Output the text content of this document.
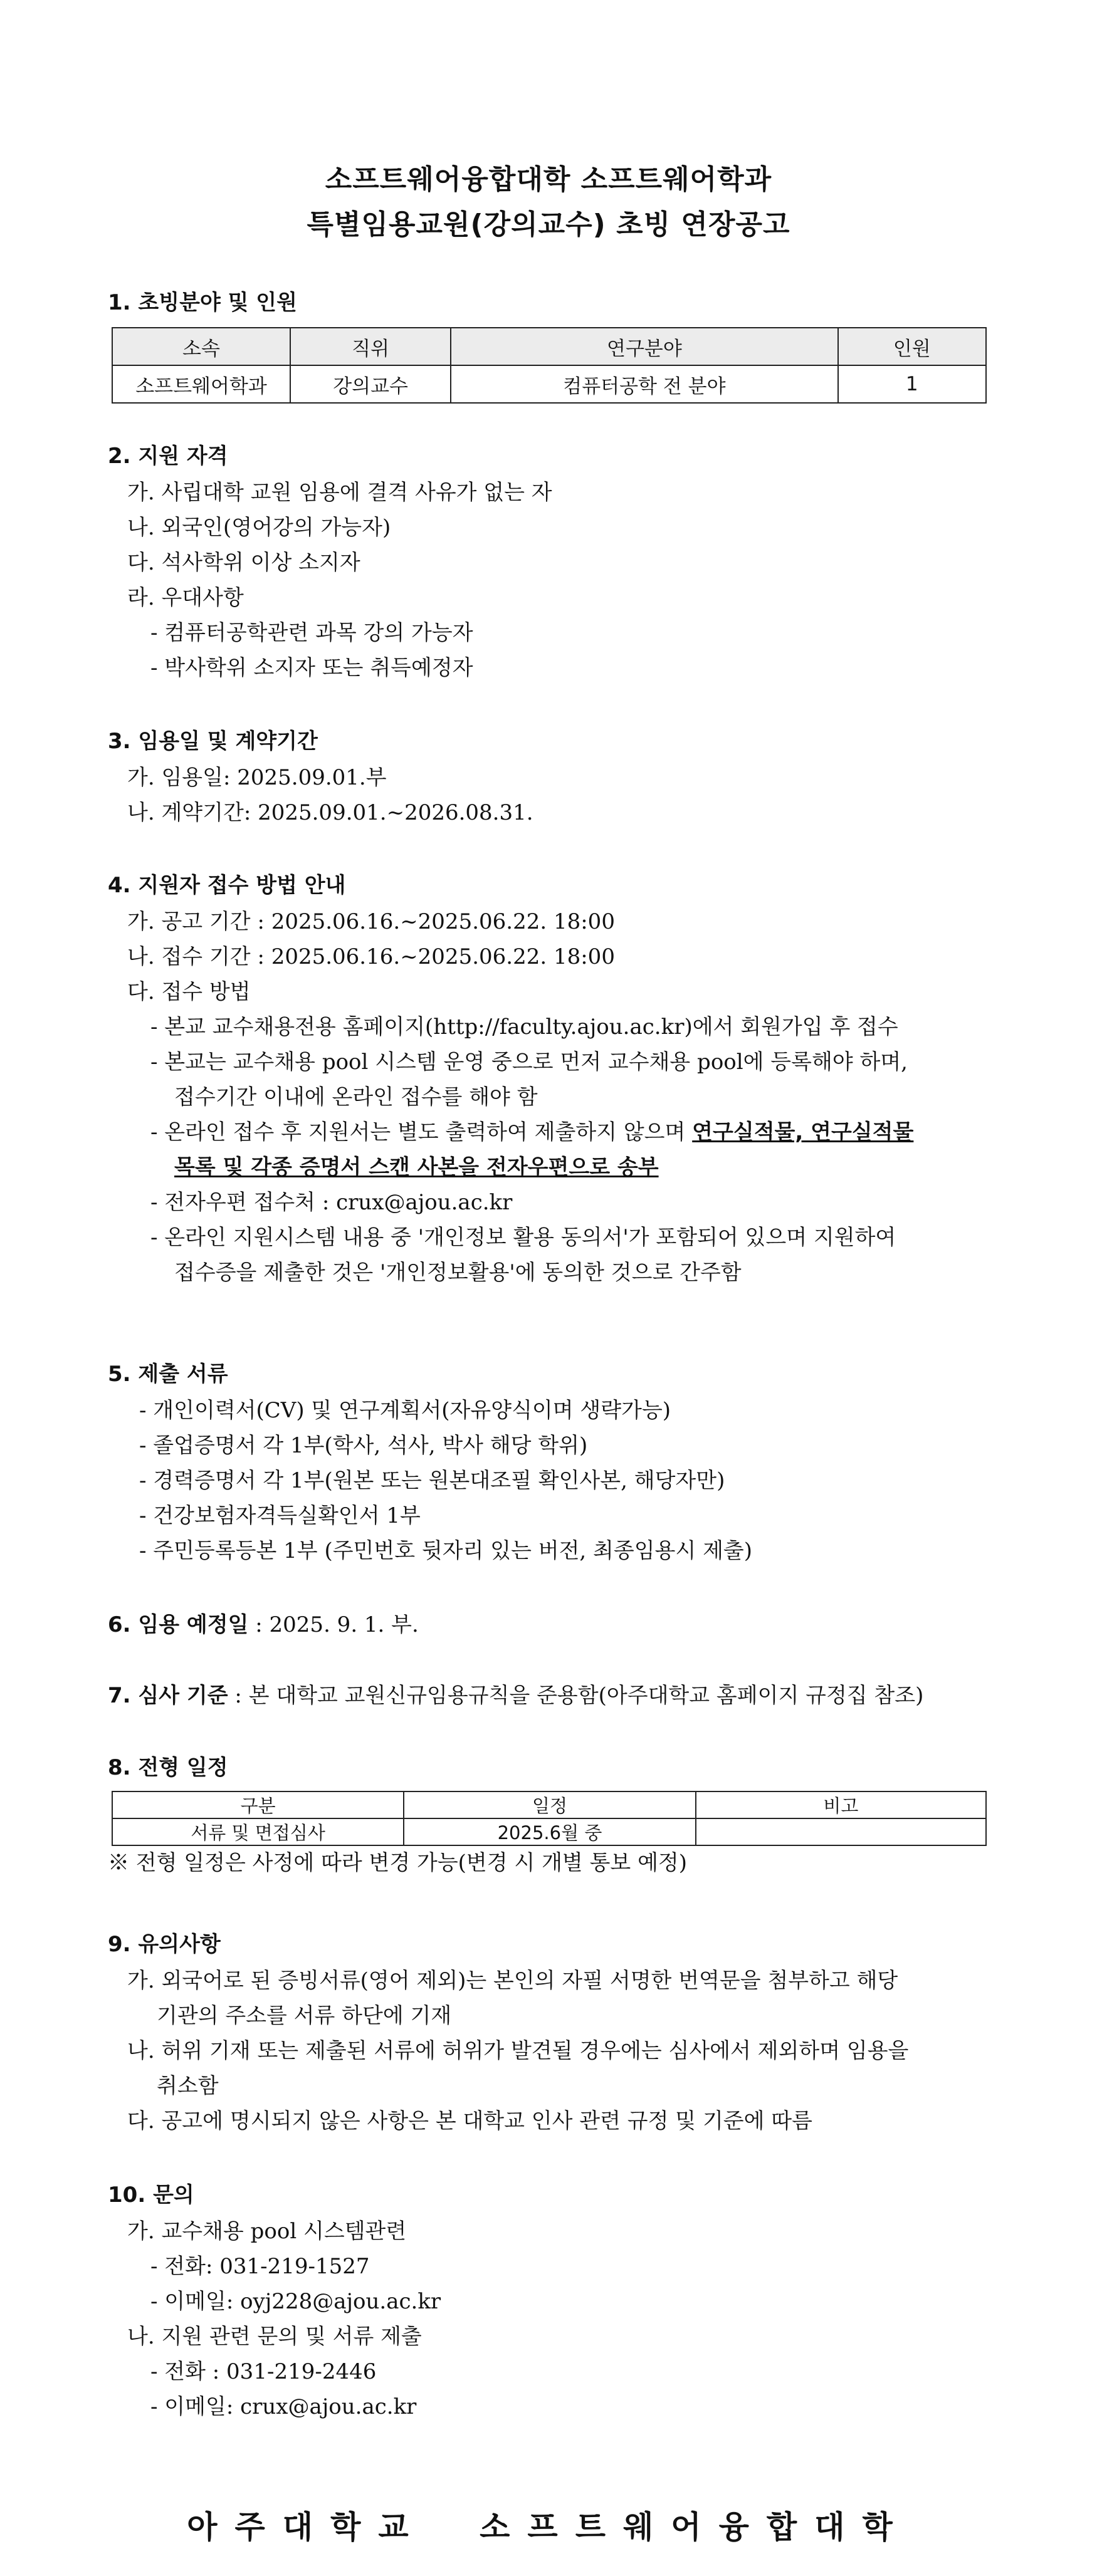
소프트웨어융합대학 소프트웨어학과
특별임용교원(강의교수) 초빙 연장공고
1. 초빙분야 및 인원
소속	직위	연구분야	인원
소프트웨어학과	강의교수	컴퓨터공학 전 분야	1
2. 지원 자격
가. 사립대학 교원 임용에 결격 사유가 없는 자
나. 외국인(영어강의 가능자)
다. 석사학위 이상 소지자
라. 우대사항
- 컴퓨터공학관련 과목 강의 가능자
- 박사학위 소지자 또는 취득예정자
3. 임용일 및 계약기간
가. 임용일: 2025.09.01.부
나. 계약기간: 2025.09.01.~2026.08.31.
4. 지원자 접수 방법 안내
가. 공고 기간 : 2025.06.16.~2025.06.22. 18:00
나. 접수 기간 : 2025.06.16.~2025.06.22. 18:00
다. 접수 방법
- 본교 교수채용전용 홈페이지(http://faculty.ajou.ac.kr)에서 회원가입 후 접수
- 본교는 교수채용 pool 시스템 운영 중으로 먼저 교수채용 pool에 등록해야 하며,
접수기간 이내에 온라인 접수를 해야 함
- 온라인 접수 후 지원서는 별도 출력하여 제출하지 않으며 연구실적물, 연구실적물
목록 및 각종 증명서 스캔 사본을 전자우편으로 송부
- 전자우편 접수처 : crux@ajou.ac.kr
- 온라인 지원시스템 내용 중 '개인정보 활용 동의서'가 포함되어 있으며 지원하여
접수증을 제출한 것은 '개인정보활용'에 동의한 것으로 간주함
5. 제출 서류
- 개인이력서(CV) 및 연구계획서(자유양식이며 생략가능)
- 졸업증명서 각 1부(학사, 석사, 박사 해당 학위)
- 경력증명서 각 1부(원본 또는 원본대조필 확인사본, 해당자만)
- 건강보험자격득실확인서 1부
- 주민등록등본 1부 (주민번호 뒷자리 있는 버전, 최종임용시 제출)
6. 임용 예정일 : 2025. 9. 1. 부.
7. 심사 기준 : 본 대학교 교원신규임용규칙을 준용함(아주대학교 홈페이지 규정집 참조)
8. 전형 일정
구분	일정	비고
서류 및 면접심사	2025.6월 중	
※ 전형 일정은 사정에 따라 변경 가능(변경 시 개별 통보 예정)
9. 유의사항
가. 외국어로 된 증빙서류(영어 제외)는 본인의 자필 서명한 번역문을 첨부하고 해당
기관의 주소를 서류 하단에 기재
나. 허위 기재 또는 제출된 서류에 허위가 발견될 경우에는 심사에서 제외하며 임용을
취소함
다. 공고에 명시되지 않은 사항은 본 대학교 인사 관련 규정 및 기준에 따름
10. 문의
가. 교수채용 pool 시스템관련
- 전화: 031-219-1527
- 이메일: oyj228@ajou.ac.kr
나. 지원 관련 문의 및 서류 제출
- 전화 : 031-219-2446
- 이메일: crux@ajou.ac.kr
아주대학교 소프트웨어융합대학
